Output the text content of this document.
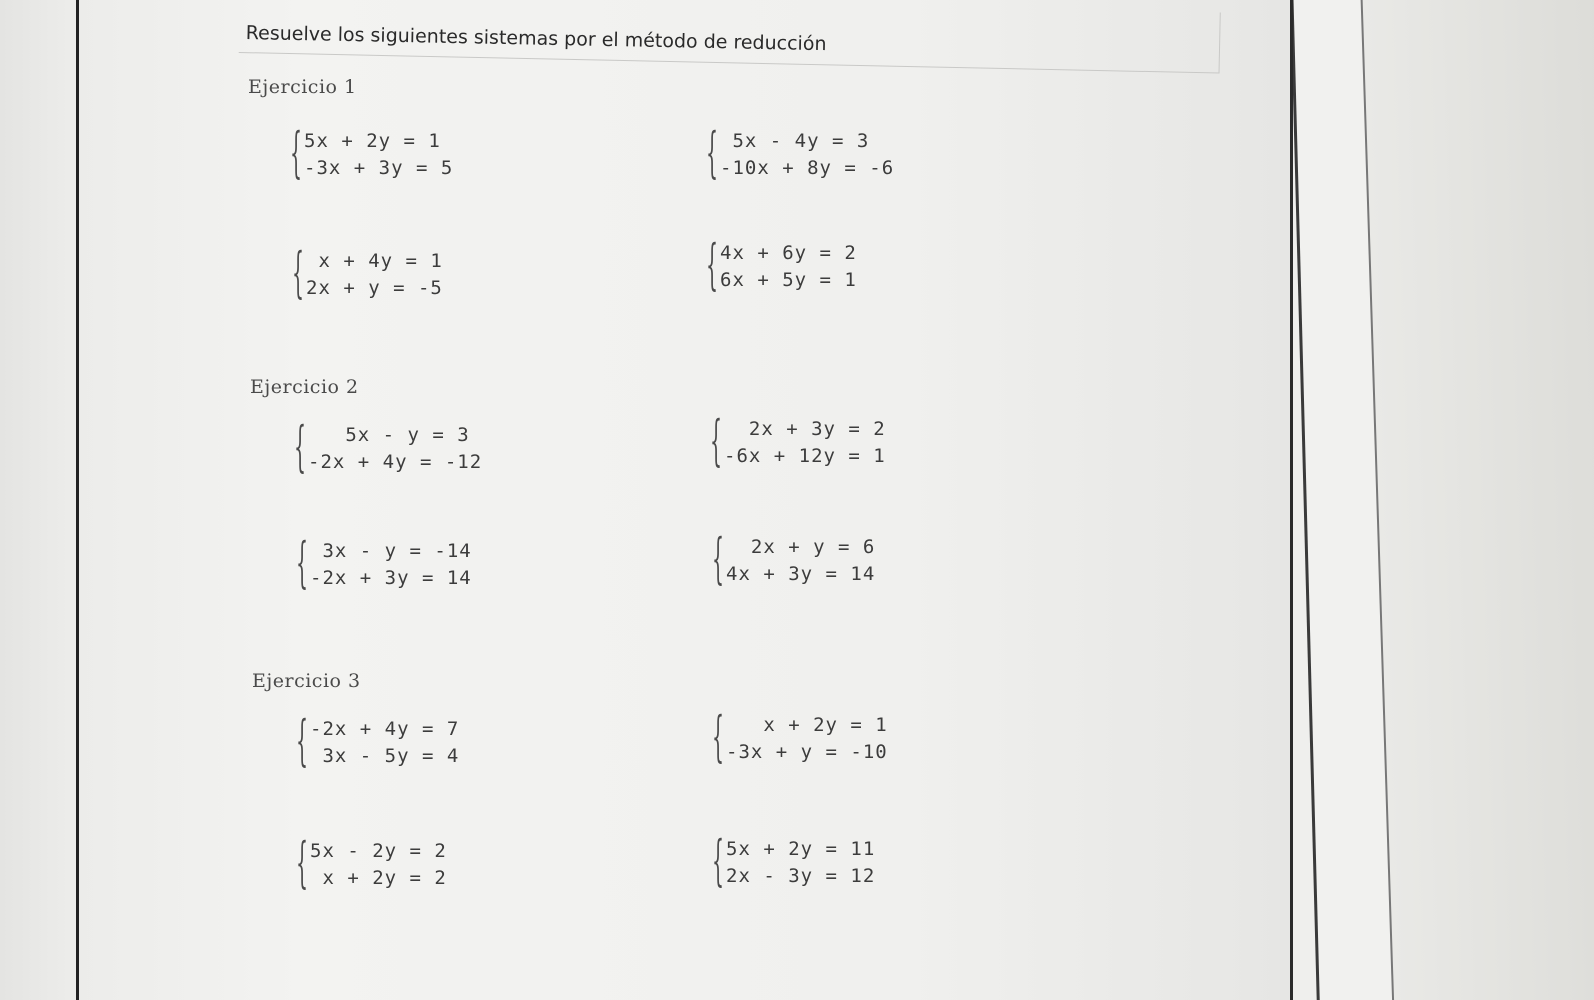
Resuelve los siguientes sistemas por el método de reducción
Ejercicio 1
{ 5x + 2y = 1
-3x + 3y = 5	{ 5x - 4y = 3
-10x + 8y = -6
{ x + 4y = 1
2x + y = -5	{ 4x + 6y = 2
6x + 5y = 1
Ejercicio 2
{ 5x - y = 3
-2x + 4y = -12	{ 2x + 3y = 2
-6x + 12y = 1
{ 3x - y = -14
-2x + 3y = 14	{ 2x + y = 6
4x + 3y = 14
Ejercicio 3
{ -2x + 4y = 7
3x - 5y = 4	{ x + 2y = 1
-3x + y = -10
{ 5x - 2y = 2
x + 2y = 2	{ 5x + 2y = 11
2x - 3y = 12
